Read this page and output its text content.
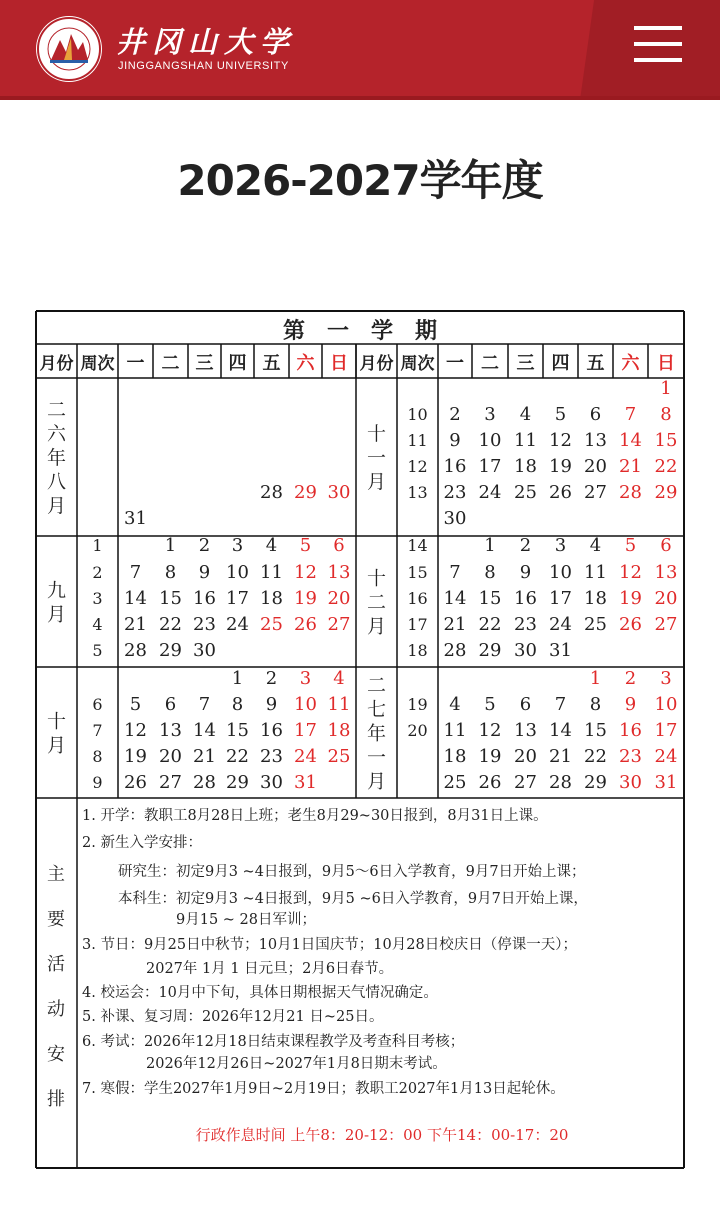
井冈山大学
JINGGANGSHAN UNIVERSITY
2026-2027学年度
第　一　学　期
月份 周次 一 二 三 四 五 六 日 月份 周次 一 二 三 四 五 六 日
二
六
年
八
月
28 29 30
31
十
一
月
10
11
12
13
1
2 3 4 5 6 7 8
9 10 11 12 13 14 15
16 17 18 19 20 21 22
23 24 25 26 27 28 29
30
九
月
1
2
3
4
5
1 2 3 4 5 6
7 8 9 10 11 12 13
14 15 16 17 18 19 20
21 22 23 24 25 26 27
28 29 30
十
二
月
14
15
16
17
18
1 2 3 4 5 6
7 8 9 10 11 12 13
14 15 16 17 18 19 20
21 22 23 24 25 26 27
28 29 30 31
十
月
6
7
8
9
1 2 3 4
5 6 7 8 9 10 11
12 13 14 15 16 17 18
19 20 21 22 23 24 25
26 27 28 29 30 31
二
七
年
一
月
19
20
1 2 3
4 5 6 7 8 9 10
11 12 13 14 15 16 17
18 19 20 21 22 23 24
25 26 27 28 29 30 31
主
要
活
动
安
排
1. 开学：教职工8月28日上班；老生8月29~30日报到，8月31日上课。
2. 新生入学安排：
研究生：初定9月3 ~4日报到，9月5～6日入学教育，9月7日开始上课；
本科生：初定9月3 ~4日报到，9月5 ~6日入学教育，9月7日开始上课，
9月15 ~ 28日军训；
3. 节日：9月25日中秋节；10月1日国庆节；10月28日校庆日（停课一天）；
2027年 1月 1 日元旦；2月6日春节。
4. 校运会：10月中下旬，具体日期根据天气情况确定。
5. 补课、复习周：2026年12月21 日~25日。
6. 考试：2026年12月18日结束课程教学及考查科目考核；
2026年12月26日~2027年1月8日期末考试。
7. 寒假：学生2027年1月9日~2月19日；教职工2027年1月13日起轮休。
行政作息时间 上午8：20-12：00 下午14：00-17：20
